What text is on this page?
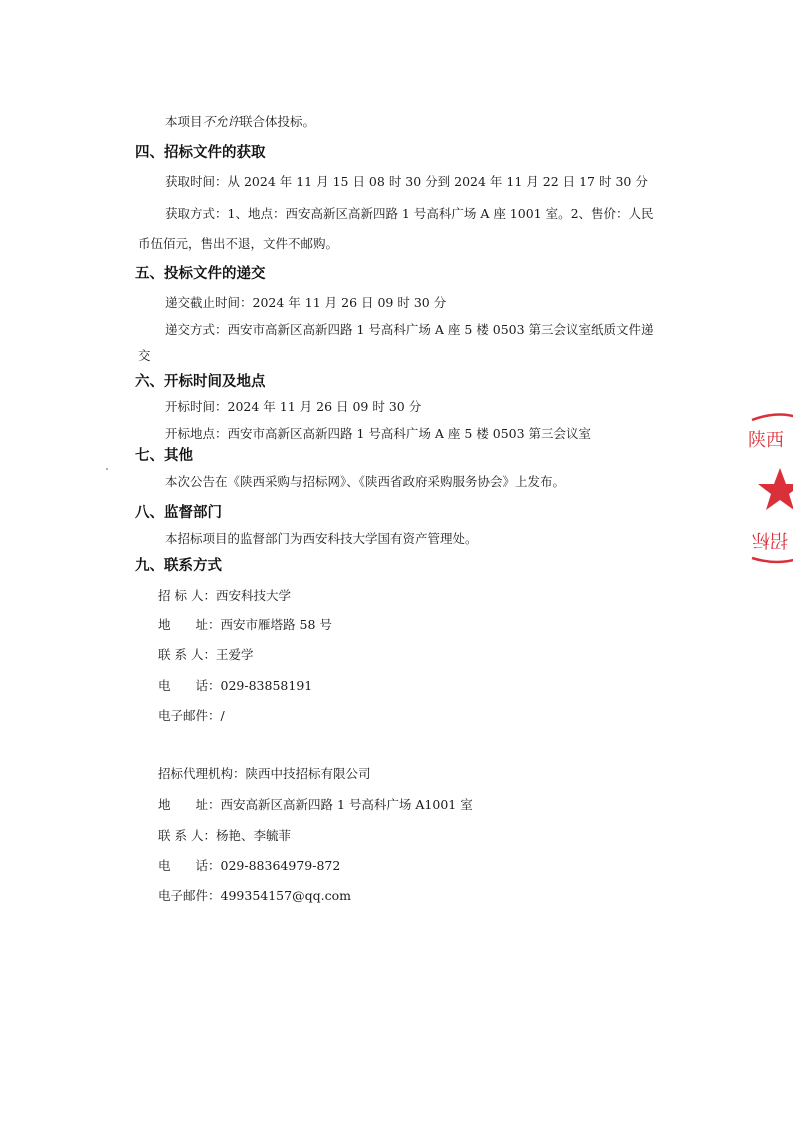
本项目不允许联合体投标。
四、招标文件的获取
获取时间：从 2024 年 11 月 15 日 08 时 30 分到 2024 年 11 月 22 日 17 时 30 分
获取方式：1、地点：西安高新区高新四路 1 号高科广场 A 座 1001 室。2、售价：人民
币伍佰元，售出不退，文件不邮购。
五、投标文件的递交
递交截止时间：2024 年 11 月 26 日 09 时 30 分
递交方式：西安市高新区高新四路 1 号高科广场 A 座 5 楼 0503 第三会议室纸质文件递
交
六、开标时间及地点
开标时间：2024 年 11 月 26 日 09 时 30 分
开标地点：西安市高新区高新四路 1 号高科广场 A 座 5 楼 0503 第三会议室
七、其他
本次公告在《陕西采购与招标网》、《陕西省政府采购服务协会》上发布。
八、监督部门
本招标项目的监督部门为西安科技大学国有资产管理处。
九、联系方式
招 标 人：西安科技大学
地　　址：西安市雁塔路 58 号
联 系 人：王爱学
电　　话：029-83858191
电子邮件：/
招标代理机构：陕西中技招标有限公司
地　　址：西安高新区高新四路 1 号高科广场 A1001 室
联 系 人：杨艳、李毓菲
电　　话：029-88364979-872
电子邮件：499354157@qq.com
陕西
招标
